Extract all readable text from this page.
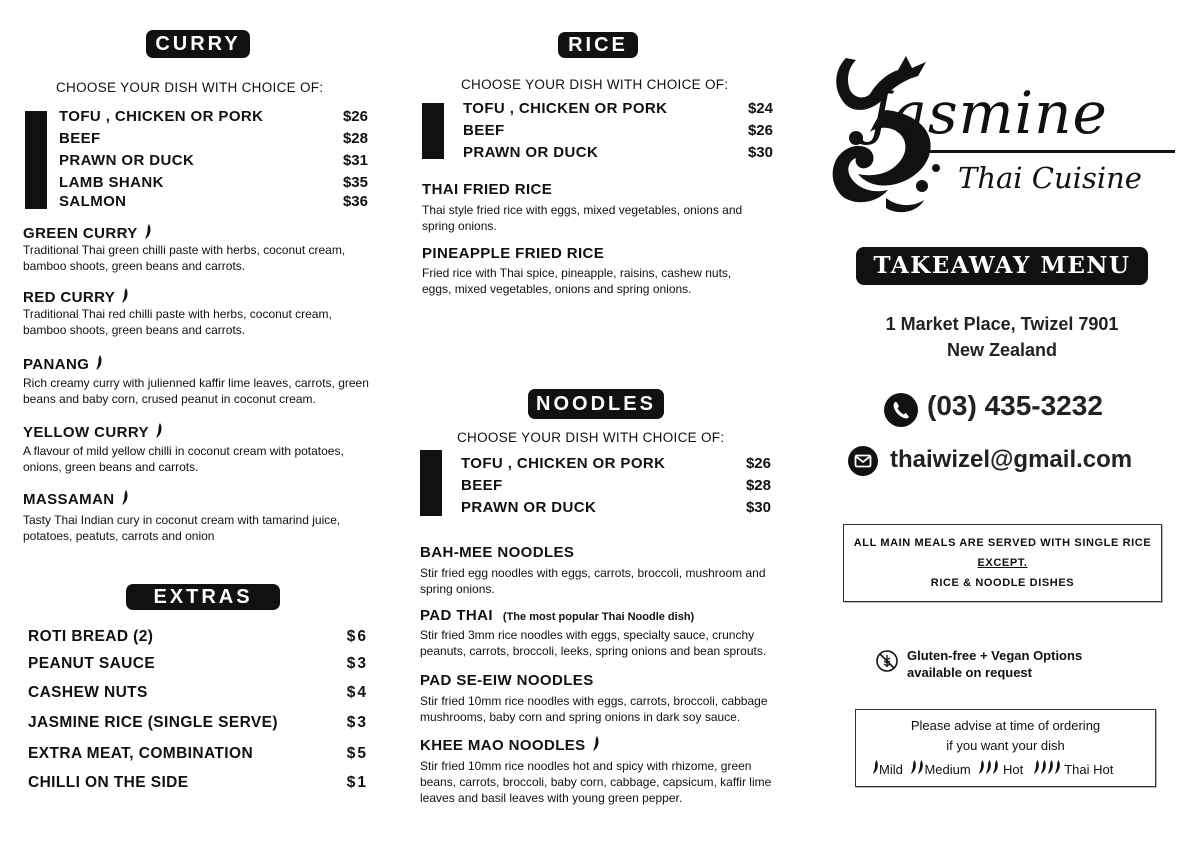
CURRY
CHOOSE YOUR DISH WITH CHOICE OF:
TOFU , CHICKEN OR PORK	$26
BEEF	$28
PRAWN OR DUCK	$31
LAMB SHANK	$35
SALMON	$36
GREEN CURRY
Traditional Thai green chilli paste with herbs, coconut cream, bamboo shoots, green beans and carrots.
RED CURRY
Traditional Thai red chilli paste with herbs, coconut cream, bamboo shoots, green beans and carrots.
PANANG
Rich creamy curry with julienned kaffir lime leaves, carrots, green beans and baby corn, crused peanut in coconut cream.
YELLOW CURRY
A flavour of mild yellow chilli in coconut cream with potatoes, onions, green beans and carrots.
MASSAMAN
Tasty Thai Indian cury in coconut cream with tamarind juice, potatoes, peatuts, carrots and onion
EXTRAS
ROTI BREAD (2)	$6
PEANUT SAUCE	$3
CASHEW NUTS	$4
JASMINE RICE (SINGLE SERVE)	$3
EXTRA MEAT, COMBINATION	$5
CHILLI ON THE SIDE	$1
RICE
CHOOSE YOUR DISH WITH CHOICE OF:
TOFU , CHICKEN OR PORK	$24
BEEF	$26
PRAWN OR DUCK	$30
THAI FRIED RICE
Thai style fried rice with eggs, mixed vegetables, onions and spring onions.
PINEAPPLE FRIED RICE
Fried rice with Thai spice, pineapple, raisins, cashew nuts, eggs, mixed vegetables, onions and spring onions.
NOODLES
CHOOSE YOUR DISH WITH CHOICE OF:
TOFU , CHICKEN OR PORK	$26
BEEF	$28
PRAWN OR DUCK	$30
BAH-MEE NOODLES
Stir fried egg noodles with eggs, carrots, broccoli, mushroom and spring onions.
PAD THAI (The most popular Thai Noodle dish)
Stir fried 3mm rice noodles with eggs, specialty sauce, crunchy peanuts, carrots, broccoli, leeks, spring onions and bean sprouts.
PAD SE-EIW NOODLES
Stir fried 10mm rice noodles with eggs, carrots, broccoli, cabbage mushrooms, baby corn and spring onions in dark soy sauce.
KHEE MAO NOODLES
Stir fried 10mm rice noodles hot and spicy with rhizome, green beans, carrots, broccoli, baby corn, cabbage, capsicum, kaffir lime leaves and basil leaves with young green pepper.
Jasmine
Thai Cuisine
TAKEAWAY MENU
1 Market Place, Twizel 7901
New Zealand
(03) 435-3232
thaiwizel@gmail.com
ALL MAIN MEALS ARE SERVED WITH SINGLE RICE
EXCEPT.
RICE & NOODLE DISHES
Gluten-free + Vegan Options
available on request
Please advise at time of ordering
if you want your dish
Mild Medium Hot	Thai Hot
